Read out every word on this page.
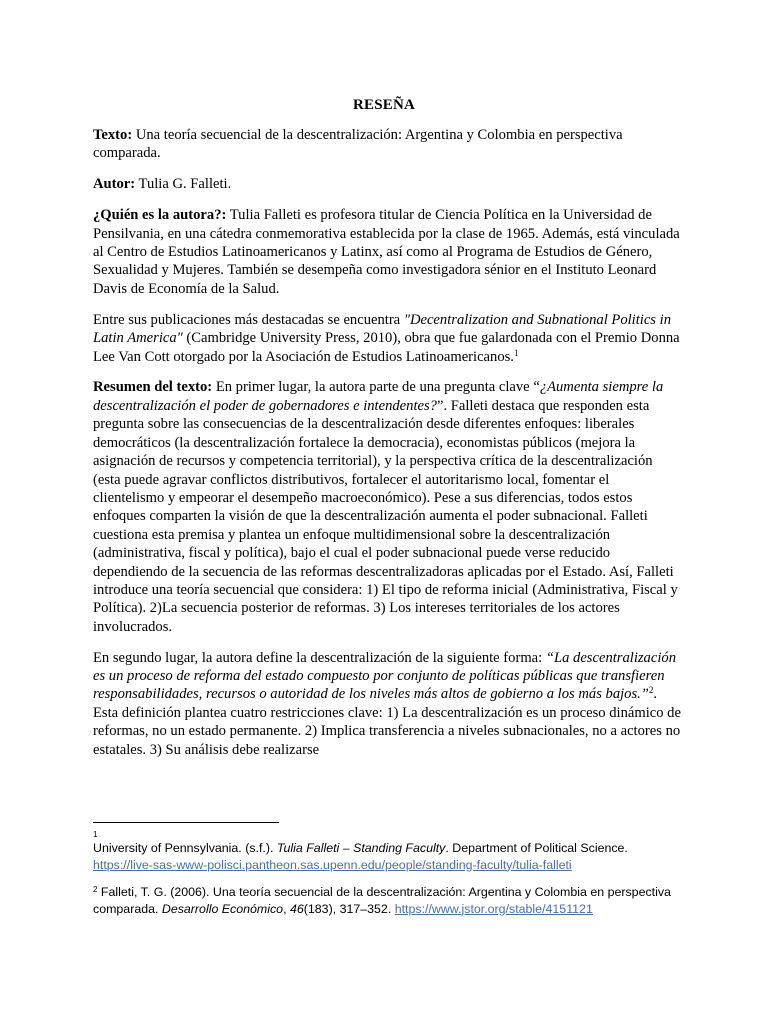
RESEÑA

Texto: Una teoría secuencial de la descentralización: Argentina y Colombia en perspectiva comparada.

Autor: Tulia G. Falleti.

¿Quién es la autora?: Tulia Falleti es profesora titular de Ciencia Política en la Universidad de Pensilvania, en una cátedra conmemorativa establecida por la clase de 1965. Además, está vinculada al Centro de Estudios Latinoamericanos y Latinx, así como al Programa de Estudios de Género, Sexualidad y Mujeres. También se desempeña como investigadora sénior en el Instituto Leonard Davis de Economía de la Salud.

Entre sus publicaciones más destacadas se encuentra "Decentralization and Subnational Politics in Latin America" (Cambridge University Press, 2010), obra que fue galardonada con el Premio Donna Lee Van Cott otorgado por la Asociación de Estudios Latinoamericanos.$^1$

Resumen del texto: En primer lugar, la autora parte de una pregunta clave “¿Aumenta siempre la descentralización el poder de gobernadores e intendentes?”. Falleti destaca que responden esta pregunta sobre las consecuencias de la descentralización desde diferentes enfoques: liberales democráticos (la descentralización fortalece la democracia), economistas públicos (mejora la asignación de recursos y competencia territorial), y la perspectiva crítica de la descentralización (esta puede agravar conflictos distributivos, fortalecer el autoritarismo local, fomentar el clientelismo y empeorar el desempeño macroeconómico). Pese a sus diferencias, todos estos enfoques comparten la visión de que la descentralización aumenta el poder subnacional. Falleti cuestiona esta premisa y plantea un enfoque multidimensional sobre la descentralización (administrativa, fiscal y política), bajo el cual el poder subnacional puede verse reducido dependiendo de la secuencia de las reformas descentralizadoras aplicadas por el Estado. Así, Falleti introduce una teoría secuencial que considera: 1) El tipo de reforma inicial (Administrativa, Fiscal y Política). 2)La secuencia posterior de reformas. 3) Los intereses territoriales de los actores involucrados.

En segundo lugar, la autora define la descentralización de la siguiente forma: “La descentralización es un proceso de reforma del estado compuesto por conjunto de políticas públicas que transfieren responsabilidades, recursos o autoridad de los niveles más altos de gobierno a los más bajos.”$^2$. Esta definición plantea cuatro restricciones clave: 1) La descentralización es un proceso dinámico de reformas, no un estado permanente. 2) Implica transferencia a niveles subnacionales, no a actores no estatales. 3) Su análisis debe realizarse

1
University of Pennsylvania. (s.f.). Tulia Falleti – Standing Faculty. Department of Political Science.
https://live-sas-www-polisci.pantheon.sas.upenn.edu/people/standing-faculty/tulia-falleti
$^2$ Falleti, T. G. (2006). Una teoría secuencial de la descentralización: Argentina y Colombia en perspectiva comparada. Desarrollo Económico, 46(183), 317–352. https://www.jstor.org/stable/4151121
